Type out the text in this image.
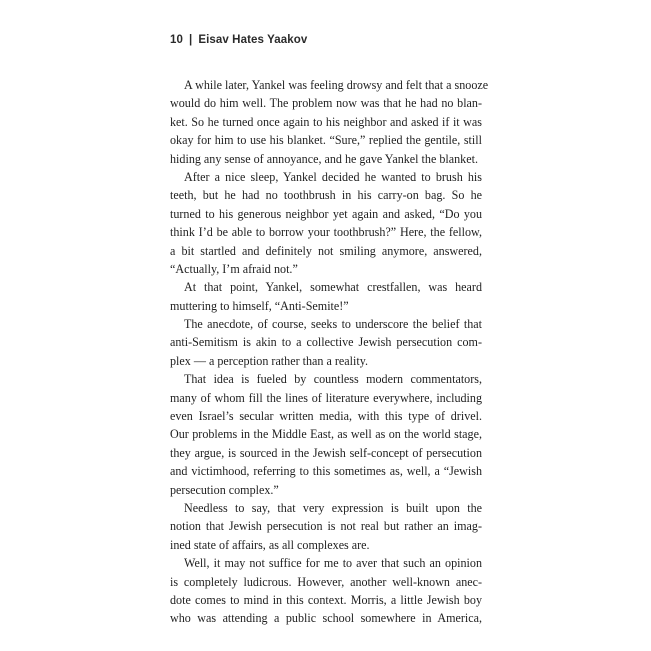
10 | Eisav Hates Yaakov
A while later, Yankel was feeling drowsy and felt that a snooze
would do him well. The problem now was that he had no blan-
ket. So he turned once again to his neighbor and asked if it was
okay for him to use his blanket. “Sure,” replied the gentile, still
hiding any sense of annoyance, and he gave Yankel the blanket.
After a nice sleep, Yankel decided he wanted to brush his
teeth, but he had no toothbrush in his carry-on bag. So he
turned to his generous neighbor yet again and asked, “Do you
think I’d be able to borrow your toothbrush?” Here, the fellow,
a bit startled and definitely not smiling anymore, answered,
“Actually, I’m afraid not.”
At that point, Yankel, somewhat crestfallen, was heard
muttering to himself, “Anti-Semite!”
The anecdote, of course, seeks to underscore the belief that
anti-Semitism is akin to a collective Jewish persecution com-
plex — a perception rather than a reality.
That idea is fueled by countless modern commentators,
many of whom fill the lines of literature everywhere, including
even Israel’s secular written media, with this type of drivel.
Our problems in the Middle East, as well as on the world stage,
they argue, is sourced in the Jewish self-concept of persecution
and victimhood, referring to this sometimes as, well, a “Jewish
persecution complex.”
Needless to say, that very expression is built upon the
notion that Jewish persecution is not real but rather an imag-
ined state of affairs, as all complexes are.
Well, it may not suffice for me to aver that such an opinion
is completely ludicrous. However, another well-known anec-
dote comes to mind in this context. Morris, a little Jewish boy
who was attending a public school somewhere in America,
